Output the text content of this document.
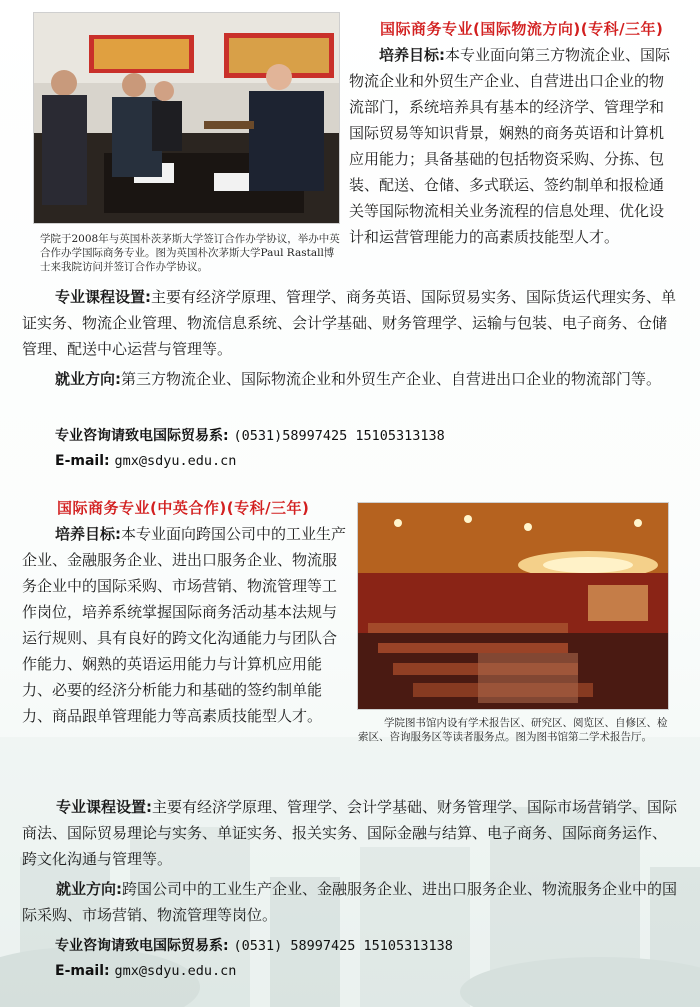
学院于2008年与英国朴茨茅斯大学签订合作办学协议，举办中英合作办学国际商务专业。图为英国朴次茅斯大学Paul Rastall博士来我院访问并签订合作办学协议。
国际商务专业(国际物流方向)(专科/三年)
培养目标:本专业面向第三方物流企业、国际物流企业和外贸生产企业、自营进出口企业的物流部门，系统培养具有基本的经济学、管理学和国际贸易等知识背景，娴熟的商务英语和计算机应用能力；具备基础的包括物资采购、分拣、包装、配送、仓储、多式联运、签约制单和报检通关等国际物流相关业务流程的信息处理、优化设计和运营管理能力的高素质技能型人才。
专业课程设置:主要有经济学原理、管理学、商务英语、国际贸易实务、国际货运代理实务、单证实务、物流企业管理、物流信息系统、会计学基础、财务管理学、运输与包装、电子商务、仓储管理、配送中心运营与管理等。
就业方向:第三方物流企业、国际物流企业和外贸生产企业、自营进出口企业的物流部门等。
专业咨询请致电国际贸易系: (0531)58997425 15105313138
E-mail: gmx@sdyu.edu.cn
国际商务专业(中英合作)(专科/三年)
培养目标:本专业面向跨国公司中的工业生产企业、金融服务企业、进出口服务企业、物流服务企业中的国际采购、市场营销、物流管理等工作岗位，培养系统掌握国际商务活动基本法规与运行规则、具有良好的跨文化沟通能力与团队合作能力、娴熟的英语运用能力与计算机应用能力、必要的经济分析能力和基础的签约制单能力、商品跟单管理能力等高素质技能型人才。	学院图书馆内设有学术报告区、研究区、阅览区、自修区、检索区、咨询服务区等读者服务点。图为图书馆第二学术报告厅。
专业课程设置:主要有经济学原理、管理学、会计学基础、财务管理学、国际市场营销学、国际商法、国际贸易理论与实务、单证实务、报关实务、国际金融与结算、电子商务、国际商务运作、跨文化沟通与管理等。
就业方向:跨国公司中的工业生产企业、金融服务企业、进出口服务企业、物流服务企业中的国际采购、市场营销、物流管理等岗位。
专业咨询请致电国际贸易系: (0531) 58997425 15105313138
E-mail: gmx@sdyu.edu.cn
